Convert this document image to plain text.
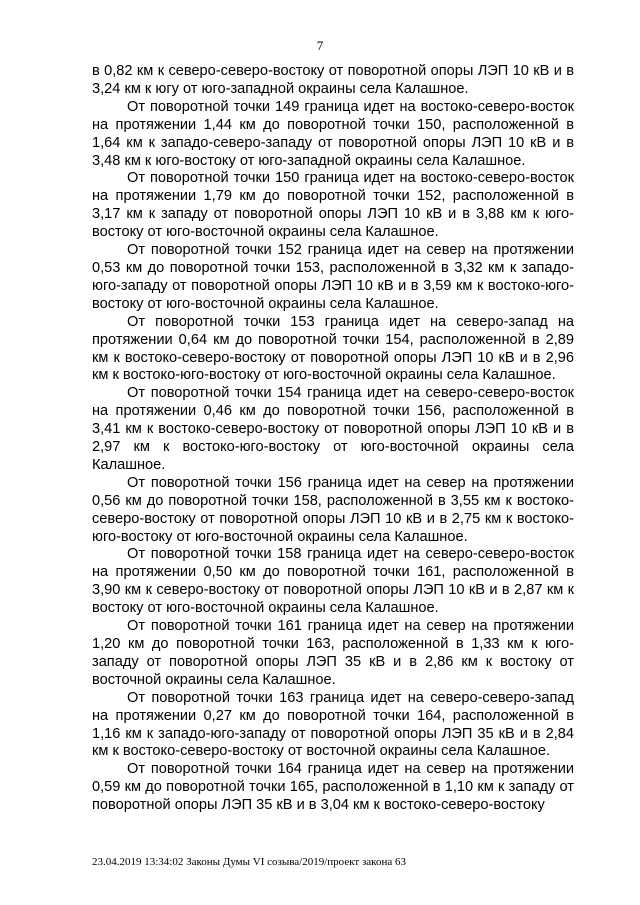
7

в 0,82 км к северо-северо-востоку от поворотной опоры ЛЭП 10 кВ и в 3,24 км к югу от юго-западной окраины села Калашное.

От поворотной точки 149 граница идет на востоко-северо-восток на протяжении 1,44 км до поворотной точки 150, расположенной в 1,64 км к западо-северо-западу от поворотной опоры ЛЭП 10 кВ и в 3,48 км к юго-востоку от юго-западной окраины села Калашное.

От поворотной точки 150 граница идет на востоко-северо-восток на протяжении 1,79 км до поворотной точки 152, расположенной в 3,17 км к западу от поворотной опоры ЛЭП 10 кВ и в 3,88 км к юго-востоку от юго-восточной окраины села Калашное.

От поворотной точки 152 граница идет на север на протяжении 0,53 км до поворотной точки 153, расположенной в 3,32 км к западо-юго-западу от поворотной опоры ЛЭП 10 кВ и в 3,59 км к востоко-юго-востоку от юго-восточной окраины села Калашное.

От поворотной точки 153 граница идет на северо-запад на протяжении 0,64 км до поворотной точки 154, расположенной в 2,89 км к востоко-северо-востоку от поворотной опоры ЛЭП 10 кВ и в 2,96 км к востоко-юго-востоку от юго-восточной окраины села Калашное.

От поворотной точки 154 граница идет на северо-северо-восток на протяжении 0,46 км до поворотной точки 156, расположенной в 3,41 км к востоко-северо-востоку от поворотной опоры ЛЭП 10 кВ и в 2,97 км к востоко-юго-востоку от юго-восточной окраины села Калашное.

От поворотной точки 156 граница идет на север на протяжении 0,56 км до поворотной точки 158, расположенной в 3,55 км к востоко-северо-востоку от поворотной опоры ЛЭП 10 кВ и в 2,75 км к востоко-юго-востоку от юго-восточной окраины села Калашное.

От поворотной точки 158 граница идет на северо-северо-восток на протяжении 0,50 км до поворотной точки 161, расположенной в 3,90 км к северо-востоку от поворотной опоры ЛЭП 10 кВ и в 2,87 км к востоку от юго-восточной окраины села Калашное.

От поворотной точки 161 граница идет на север на протяжении 1,20 км до поворотной точки 163, расположенной в 1,33 км к юго-западу от поворотной опоры ЛЭП 35 кВ и в 2,86 км к востоку от восточной окраины села Калашное.

От поворотной точки 163 граница идет на северо-северо-запад на протяжении 0,27 км до поворотной точки 164, расположенной в 1,16 км к западо-юго-западу от поворотной опоры ЛЭП 35 кВ и в 2,84 км к востоко-северо-востоку от восточной окраины села Калашное.

От поворотной точки 164 граница идет на север на протяжении 0,59 км до поворотной точки 165, расположенной в 1,10 км к западу от поворотной опоры ЛЭП 35 кВ и в 3,04 км к востоко-северо-востоку

23.04.2019 13:34:02 Законы Думы VI созыва/2019/проект закона 63
